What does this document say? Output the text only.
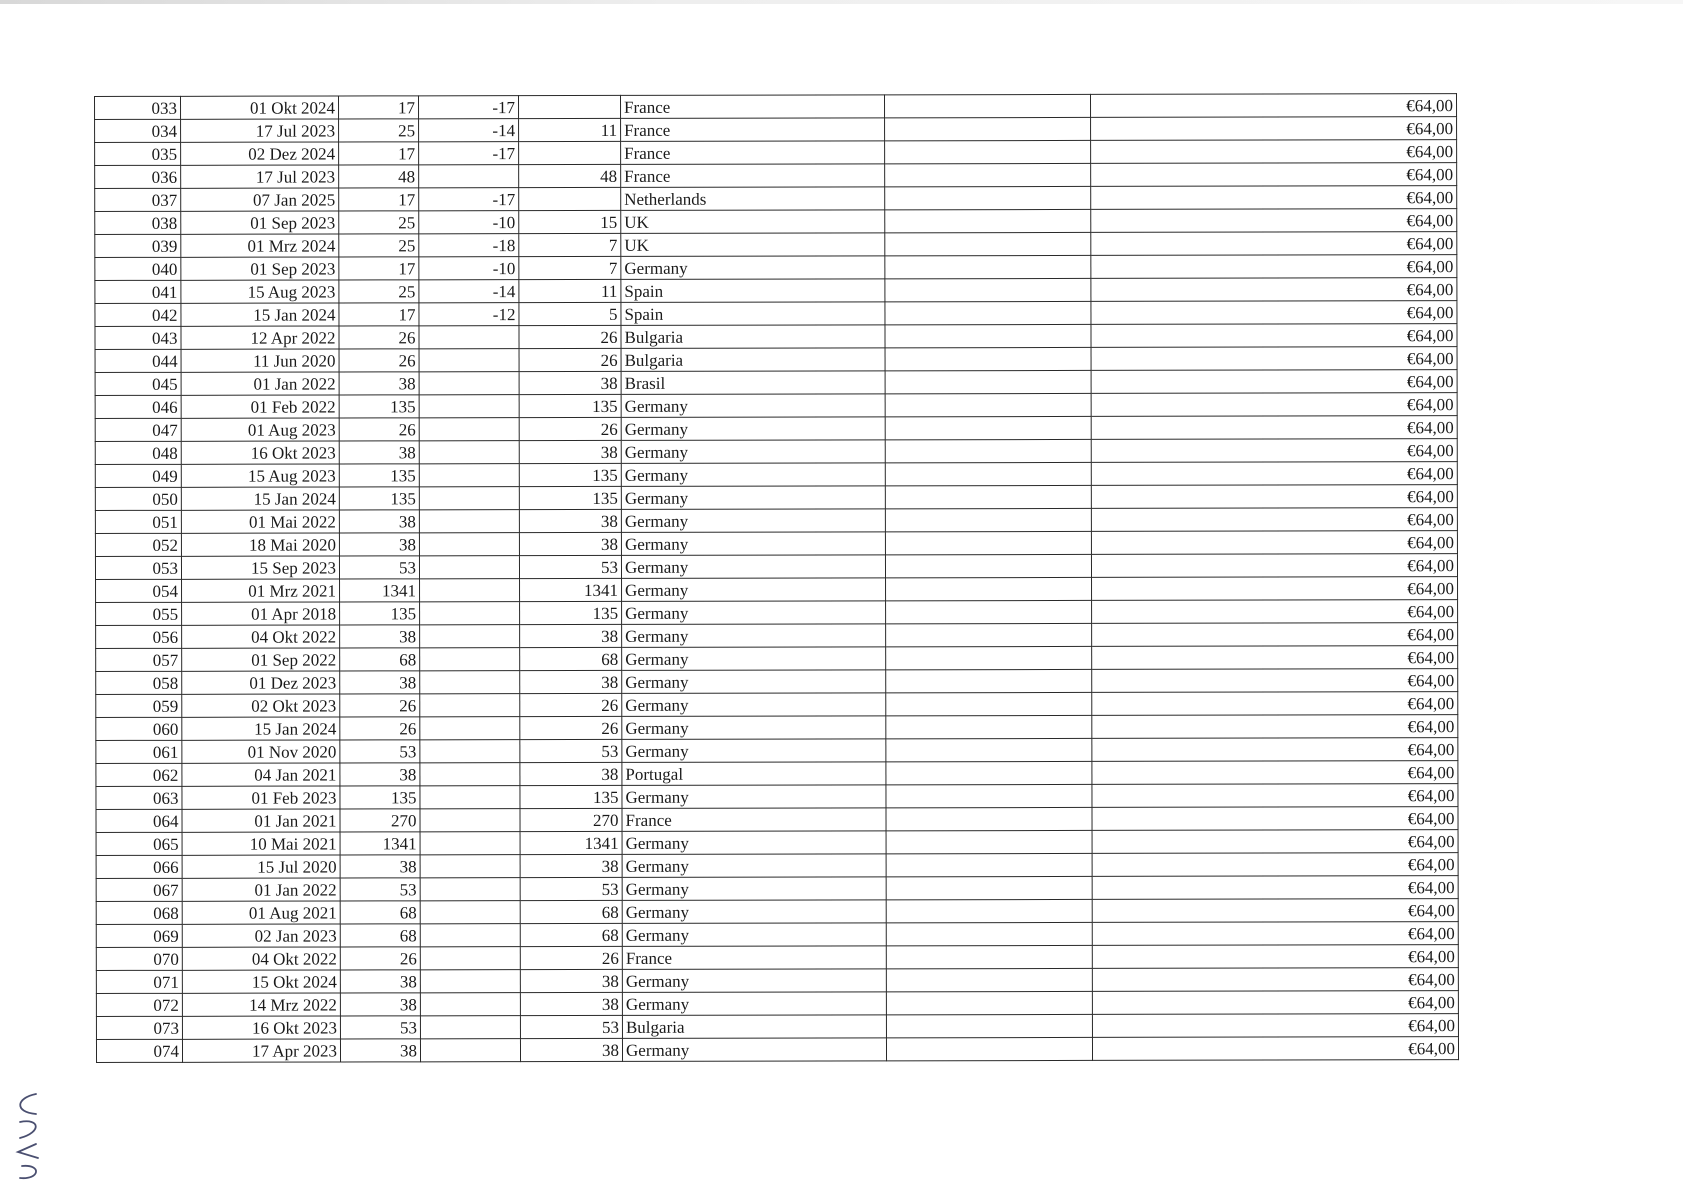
033	01 Okt 2024	17	-17		France		€64,00
034	17 Jul 2023	25	-14	11	France		€64,00
035	02 Dez 2024	17	-17		France		€64,00
036	17 Jul 2023	48		48	France		€64,00
037	07 Jan 2025	17	-17		Netherlands		€64,00
038	01 Sep 2023	25	-10	15	UK		€64,00
039	01 Mrz 2024	25	-18	7	UK		€64,00
040	01 Sep 2023	17	-10	7	Germany		€64,00
041	15 Aug 2023	25	-14	11	Spain		€64,00
042	15 Jan 2024	17	-12	5	Spain		€64,00
043	12 Apr 2022	26		26	Bulgaria		€64,00
044	11 Jun 2020	26		26	Bulgaria		€64,00
045	01 Jan 2022	38		38	Brasil		€64,00
046	01 Feb 2022	135		135	Germany		€64,00
047	01 Aug 2023	26		26	Germany		€64,00
048	16 Okt 2023	38		38	Germany		€64,00
049	15 Aug 2023	135		135	Germany		€64,00
050	15 Jan 2024	135		135	Germany		€64,00
051	01 Mai 2022	38		38	Germany		€64,00
052	18 Mai 2020	38		38	Germany		€64,00
053	15 Sep 2023	53		53	Germany		€64,00
054	01 Mrz 2021	1341		1341	Germany		€64,00
055	01 Apr 2018	135		135	Germany		€64,00
056	04 Okt 2022	38		38	Germany		€64,00
057	01 Sep 2022	68		68	Germany		€64,00
058	01 Dez 2023	38		38	Germany		€64,00
059	02 Okt 2023	26		26	Germany		€64,00
060	15 Jan 2024	26		26	Germany		€64,00
061	01 Nov 2020	53		53	Germany		€64,00
062	04 Jan 2021	38		38	Portugal		€64,00
063	01 Feb 2023	135		135	Germany		€64,00
064	01 Jan 2021	270		270	France		€64,00
065	10 Mai 2021	1341		1341	Germany		€64,00
066	15 Jul 2020	38		38	Germany		€64,00
067	01 Jan 2022	53		53	Germany		€64,00
068	01 Aug 2021	68		68	Germany		€64,00
069	02 Jan 2023	68		68	Germany		€64,00
070	04 Okt 2022	26		26	France		€64,00
071	15 Okt 2024	38		38	Germany		€64,00
072	14 Mrz 2022	38		38	Germany		€64,00
073	16 Okt 2023	53		53	Bulgaria		€64,00
074	17 Apr 2023	38		38	Germany		€64,00
